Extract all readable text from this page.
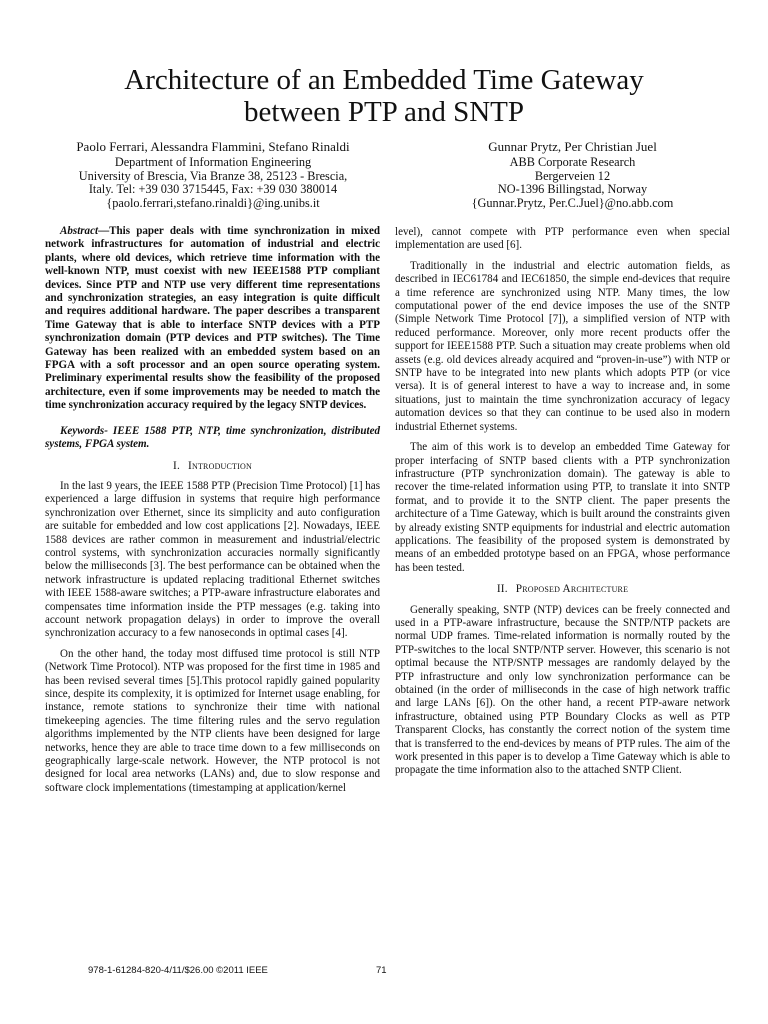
Architecture of an Embedded Time Gateway
between PTP and SNTP
Paolo Ferrari, Alessandra Flammini, Stefano Rinaldi
Department of Information Engineering
University of Brescia, Via Branze 38, 25123 - Brescia,
Italy. Tel: +39 030 3715445, Fax: +39 030 380014
{paolo.ferrari,stefano.rinaldi}@ing.unibs.it
Gunnar Prytz, Per Christian Juel
ABB Corporate Research
Bergerveien 12
NO-1396 Billingstad, Norway
{Gunnar.Prytz, Per.C.Juel}@no.abb.com

Abstract—This paper deals with time synchronization in mixed network infrastructures for automation of industrial and electric plants, where old devices, which retrieve time information with the well-known NTP, must coexist with new IEEE1588 PTP compliant devices. Since PTP and NTP use very different time representations and synchronization strategies, an easy integration is quite difficult and requires additional hardware. The paper describes a transparent Time Gateway that is able to interface SNTP devices with a PTP synchronization domain (PTP devices and PTP switches). The Time Gateway has been realized with an embedded system based on an FPGA with a soft processor and an open source operating system. Preliminary experimental results show the feasibility of the proposed architecture, even if some improvements may be needed to match the time synchronization accuracy required by the legacy SNTP devices.

Keywords- IEEE 1588 PTP, NTP, time synchronization, distributed systems, FPGA system.

I. Introduction

In the last 9 years, the IEEE 1588 PTP (Precision Time Protocol) [1] has experienced a large diffusion in systems that require high performance synchronization over Ethernet, since its simplicity and auto configuration are suitable for embedded and low cost applications [2]. Nowadays, IEEE 1588 devices are rather common in measurement and industrial/electric control systems, with synchronization accuracies normally significantly below the milliseconds [3]. The best performance can be obtained when the network infrastructure is updated replacing traditional Ethernet switches with IEEE 1588-aware switches; a PTP-aware infrastructure elaborates and compensates time information inside the PTP messages (e.g. taking into account network propagation delays) in order to improve the overall synchronization accuracy to a few nanoseconds in optimal cases [4].

On the other hand, the today most diffused time protocol is still NTP (Network Time Protocol). NTP was proposed for the first time in 1985 and has been revised several times [5].This protocol rapidly gained popularity since, despite its complexity, it is optimized for Internet usage enabling, for instance, remote stations to synchronize their time with national timekeeping agencies. The time filtering rules and the servo regulation algorithms implemented by the NTP clients have been designed for large networks, hence they are able to trace time down to a few milliseconds on geographically large-scale network. However, the NTP protocol is not designed for local area networks (LANs) and, due to slow response and software clock implementations (timestamping at application/kernel

level), cannot compete with PTP performance even when special implementation are used [6].

Traditionally in the industrial and electric automation fields, as described in IEC61784 and IEC61850, the simple end-devices that require a time reference are synchronized using NTP. Many times, the low computational power of the end device imposes the use of the SNTP (Simple Network Time Protocol [7]), a simplified version of NTP with reduced performance. Moreover, only more recent products offer the support for IEEE1588 PTP. Such a situation may create problems when old assets (e.g. old devices already acquired and “proven-in-use”) with NTP or SNTP have to be integrated into new plants which adopts PTP (or vice versa). It is of general interest to have a way to increase and, in some situations, just to maintain the time synchronization accuracy of legacy automation devices so that they can continue to be used also in modern industrial Ethernet systems.

The aim of this work is to develop an embedded Time Gateway for proper interfacing of SNTP based clients with a PTP synchronization infrastructure (PTP synchronization domain). The gateway is able to recover the time-related information using PTP, to translate it into SNTP format, and to provide it to the SNTP client. The paper presents the architecture of a Time Gateway, which is built around the constraints given by already existing SNTP equipments for industrial and electric automation applications. The feasibility of the proposed system is demonstrated by means of an embedded prototype based on an FPGA, whose performance has been tested.

II. Proposed Architecture

Generally speaking, SNTP (NTP) devices can be freely connected and used in a PTP-aware infrastructure, because the SNTP/NTP packets are normal UDP frames. Time-related information is normally routed by the PTP-switches to the local SNTP/NTP server. However, this scenario is not optimal because the NTP/SNTP messages are randomly delayed by the PTP infrastructure and only low synchronization performance can be obtained (in the order of milliseconds in the case of high network traffic and large LANs [6]). On the other hand, a recent PTP-aware network infrastructure, obtained using PTP Boundary Clocks as well as PTP Transparent Clocks, has constantly the correct notion of the system time that is transferred to the end-devices by means of PTP rules. The aim of the work presented in this paper is to develop a Time Gateway which is able to propagate the time information also to the attached SNTP Client.

978-1-61284-820-4/11/$26.00 ©2011 IEEE	71
